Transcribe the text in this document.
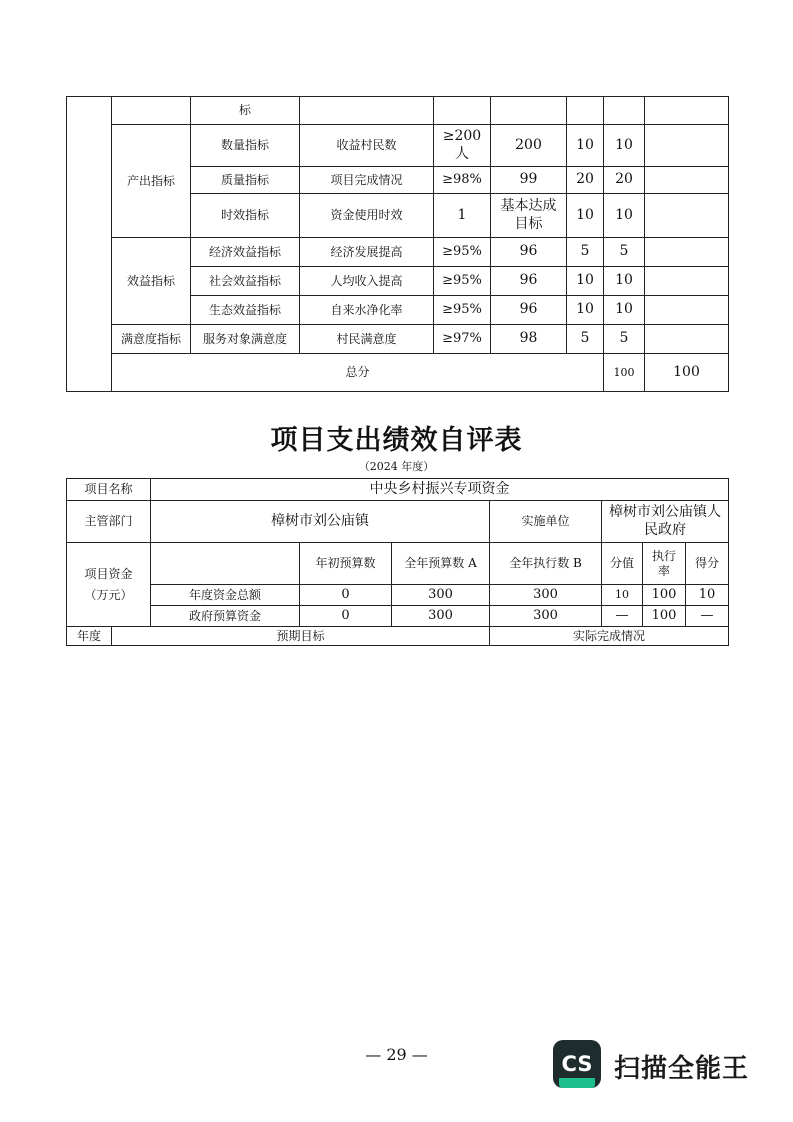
		标							
	产出指标	数量指标	收益村民数	≥200人	200	10	10		
		质量指标	项目完成情况	≥98%	99	20	20		
		时效指标	资金使用时效	1	基本达成目标	10	10		
	效益指标	经济效益指标	经济发展提高	≥95%	96	5	5		
		社会效益指标	人均收入提高	≥95%	96	10	10		
		生态效益指标	自来水净化率	≥95%	96	10	10		
	满意度指标	服务对象满意度	村民满意度	≥97%	98	5	5		
	总分						100	100	
项目支出绩效自评表
（2024 年度）
项目名称		中央乡村振兴专项资金						
主管部门		樟树市刘公庙镇			实施单位	樟树市刘公庙镇人民政府		

项目资金
（万元）			年初预算数	全年预算数 A	全年执行数 B	分值	执行率	得分
		年度资金总额	0	300	300	10	100	10
		政府预算资金	0	300	300	—	100	—
年度	预期目标				实际完成情况			
— 29 —	CS 扫描全能王
